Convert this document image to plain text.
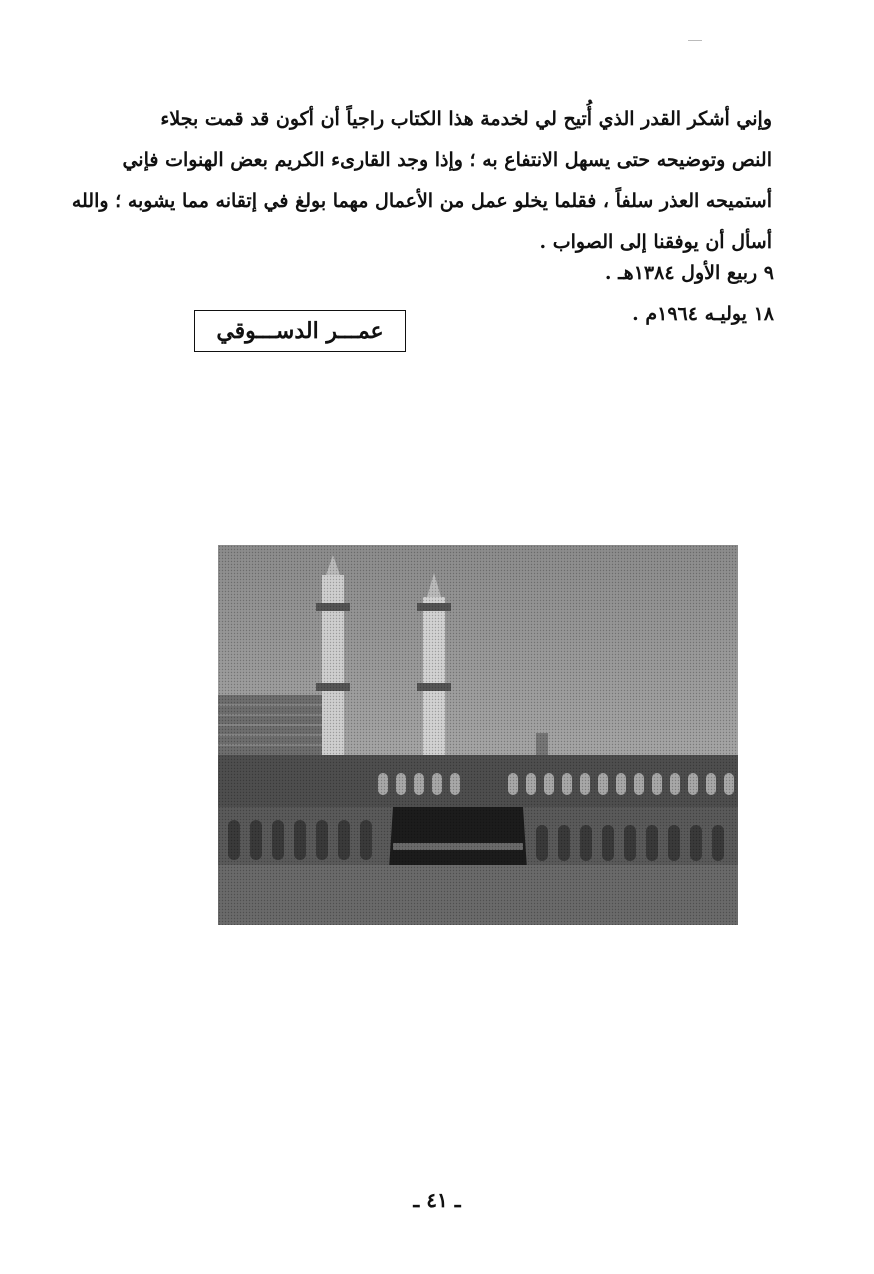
وإني أشكر القدر الذي أُتيح لي لخدمة هذا الكتاب راجياً أن أكون قد قمت بجلاء
النص وتوضيحه حتى يسهل الانتفاع به ؛ وإذا وجد القارىء الكريم بعض الهنوات فإني
أستميحه العذر سلفاً ، فقلما يخلو عمل من الأعمال مهما بولغ في إتقانه مما يشوبه ؛ والله
أسأل أن يوفقنا إلى الصواب .
٩ ربيع الأول ١٣٨٤هـ .
١٨ يوليـه ١٩٦٤م .
عمـــر الدســـوقي
ـ ٤١ ـ
